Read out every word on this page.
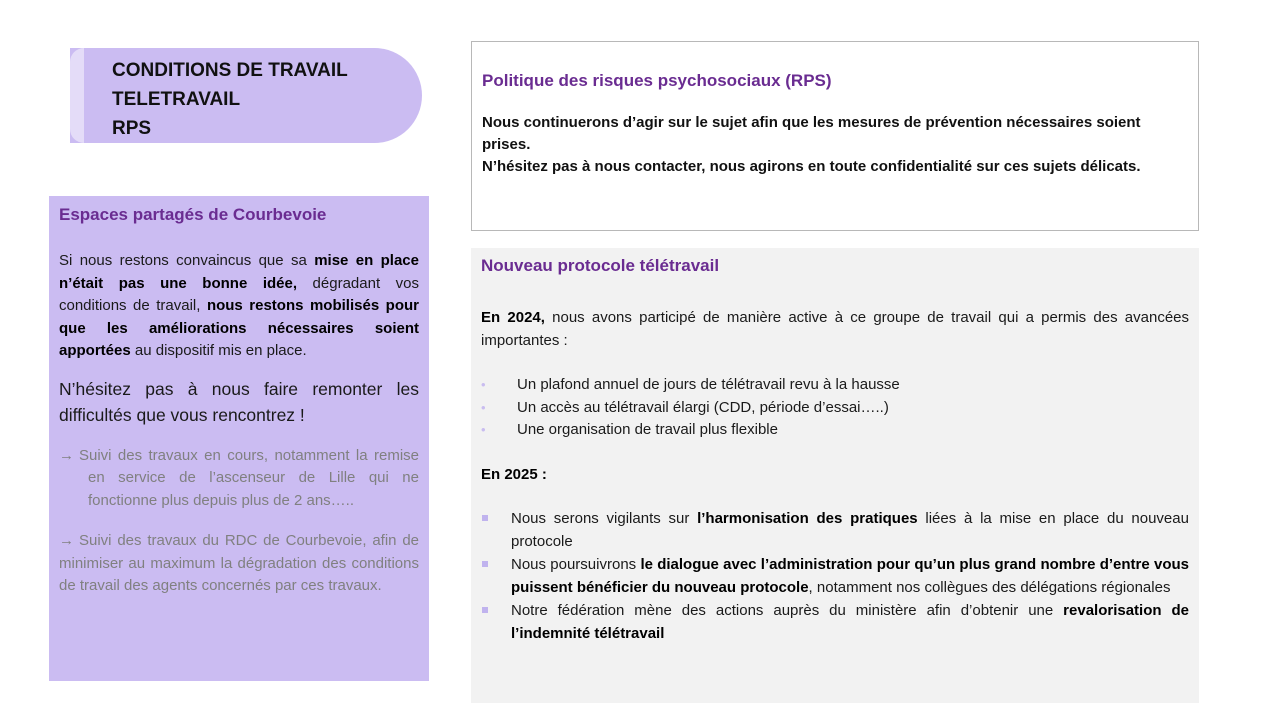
CONDITIONS DE TRAVAIL
TELETRAVAIL
RPS
Espaces partagés de Courbevoie
Si nous restons convaincus que sa mise en place n’était pas une bonne idée, dégradant vos conditions de travail, nous restons mobilisés pour que les améliorations nécessaires soient apportées au dispositif mis en place.
N’hésitez pas à nous faire remonter les difficultés que vous rencontrez !
→ Suivi des travaux en cours, notamment la remise en service de l’ascenseur de Lille qui ne fonctionne plus depuis plus de 2 ans…..
→ Suivi des travaux du RDC de Courbevoie, afin de minimiser au maximum la dégradation des conditions de travail des agents concernés par ces travaux.
Politique des risques psychosociaux (RPS)
Nous continuerons d’agir sur le sujet afin que les mesures de prévention nécessaires soient prises.
N’hésitez pas à nous contacter, nous agirons en toute confidentialité sur ces sujets délicats.
Nouveau protocole télétravail
En 2024, nous avons participé de manière active à ce groupe de travail qui a permis des avancées importantes :
• Un plafond annuel de jours de télétravail revu à la hausse
• Un accès au télétravail élargi (CDD, période d’essai…..)
• Une organisation de travail plus flexible
En 2025 :
Nous serons vigilants sur l’harmonisation des pratiques liées à la mise en place du nouveau protocole
Nous poursuivrons le dialogue avec l’administration pour qu’un plus grand nombre d’entre vous puissent bénéficier du nouveau protocole, notamment nos collègues des délégations régionales
Notre fédération mène des actions auprès du ministère afin d’obtenir une revalorisation de l’indemnité télétravail
